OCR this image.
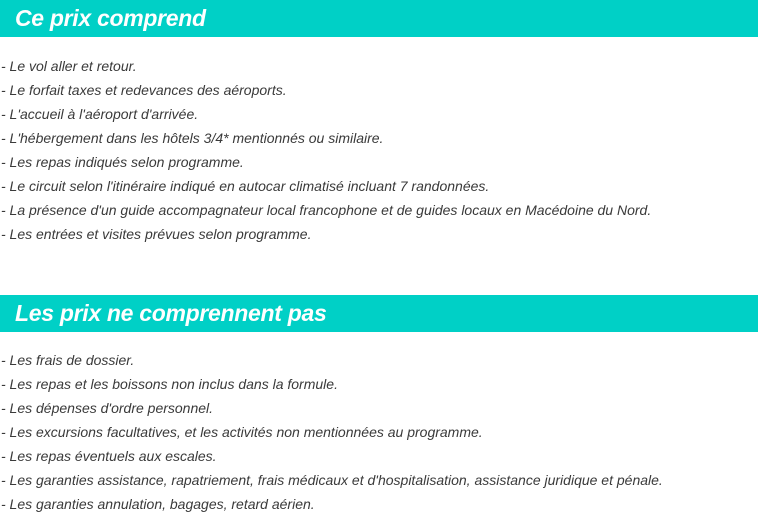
Ce prix comprend
- Le vol aller et retour.
- Le forfait taxes et redevances des aéroports.
- L'accueil à l'aéroport d'arrivée.
- L'hébergement dans les hôtels 3/4* mentionnés ou similaire.
- Les repas indiqués selon programme.
- Le circuit selon l'itinéraire indiqué en autocar climatisé incluant 7 randonnées.
- La présence d'un guide accompagnateur local francophone et de guides locaux en Macédoine du Nord.
- Les entrées et visites prévues selon programme.
Les prix ne comprennent pas
- Les frais de dossier.
- Les repas et les boissons non inclus dans la formule.
- Les dépenses d'ordre personnel.
- Les excursions facultatives, et les activités non mentionnées au programme.
- Les repas éventuels aux escales.
- Les garanties assistance, rapatriement, frais médicaux et d'hospitalisation, assistance juridique et pénale.
- Les garanties annulation, bagages, retard aérien.
